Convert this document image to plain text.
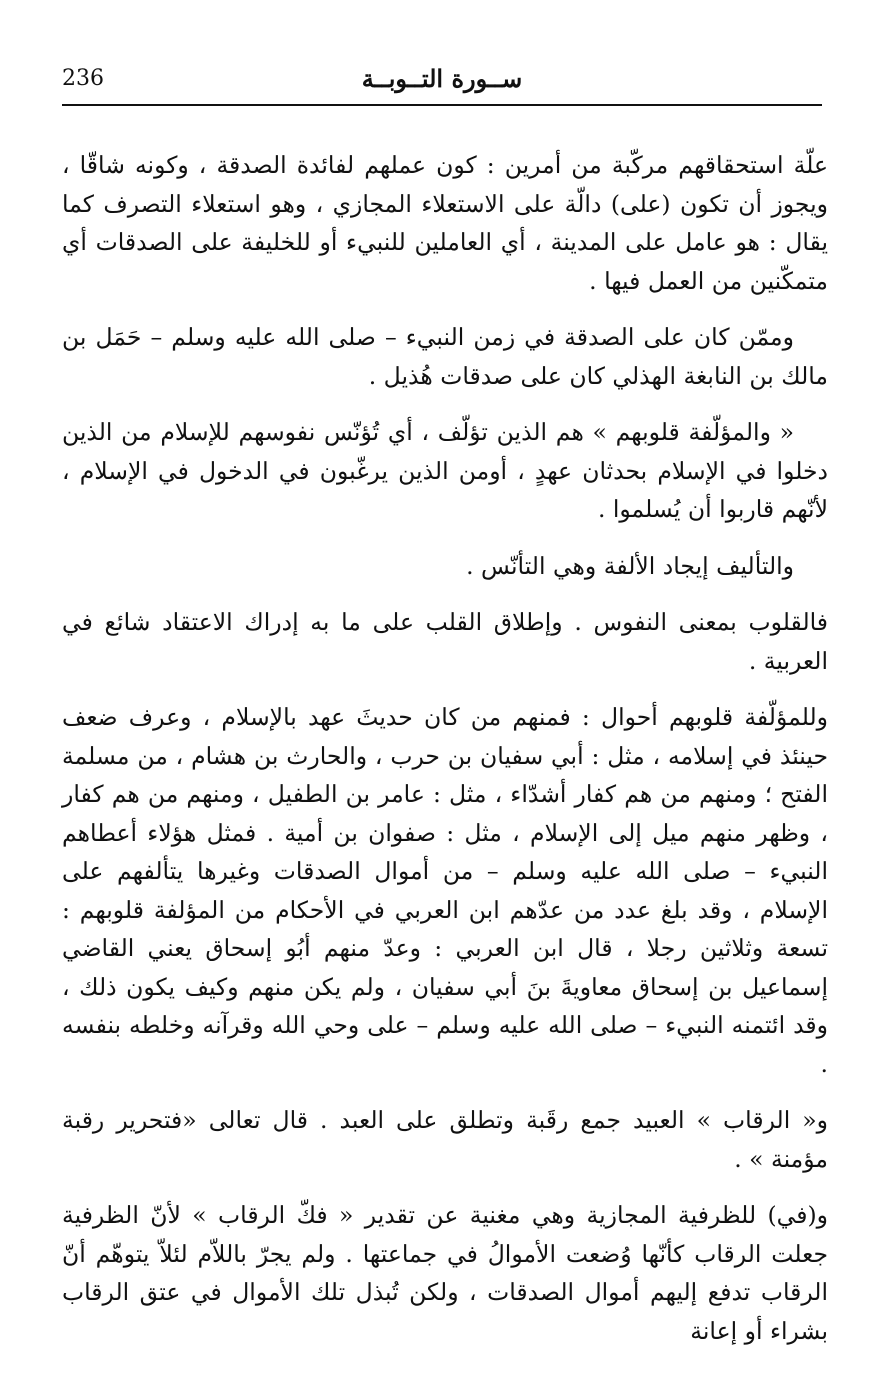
236	ســورة التــوبــة

علّة استحقاقهم مركّبة من أمرين : كون عملهم لفائدة الصدقة ، وكونه شاقّا ، ويجوز أن تكون (على) دالّة على الاستعلاء المجازي ، وهو استعلاء التصرف كما يقال : هو عامل على المدينة ، أي العاملين للنبيء أو للخليفة على الصدقات أي متمكّنين من العمل فيها .

وممّن كان على الصدقة في زمن النبيء – صلى الله عليه وسلم – حَمَل بن مالك بن النابغة الهذلي كان على صدقات هُذيل .

« والمؤلّفة قلوبهم » هم الذين تؤلّف ، أي تُؤنّس نفوسهم للإسلام من الذين دخلوا في الإسلام بحدثان عهدٍ ، أومن الذين يرغّبون في الدخول في الإسلام ، لأنّهم قاربوا أن يُسلموا .

والتأليف إيجاد الألفة وهي التأنّس .

فالقلوب بمعنى النفوس . وإطلاق القلب على ما به إدراك الاعتقاد شائع في العربية .

وللمؤلّفة قلوبهم أحوال : فمنهم من كان حديثَ عهد بالإسلام ، وعرف ضعف حينئذ في إسلامه ، مثل : أبي سفيان بن حرب ، والحارث بن هشام ، من مسلمة الفتح ؛ ومنهم من هم كفار أشدّاء ، مثل : عامر بن الطفيل ، ومنهم من هم كفار ، وظهر منهم ميل إلى الإسلام ، مثل : صفوان بن أمية . فمثل هؤلاء أعطاهم النبيء – صلى الله عليه وسلم – من أموال الصدقات وغيرها يتألفهم على الإسلام ، وقد بلغ عدد من عدّهم ابن العربي في الأحكام من المؤلفة قلوبهم : تسعة وثلاثين رجلا ، قال ابن العربي : وعدّ منهم أبُو إسحاق يعني القاضي إسماعيل بن إسحاق معاويةَ بنَ أبي سفيان ، ولم يكن منهم وكيف يكون ذلك ، وقد ائتمنه النبيء – صلى الله عليه وسلم – على وحي الله وقرآنه وخلطه بنفسه .

و« الرقاب » العبيد جمع رقَبة وتطلق على العبد . قال تعالى «فتحرير رقبة مؤمنة » .

و(في) للظرفية المجازية وهي مغنية عن تقدير « فكّ الرقاب » لأنّ الظرفية جعلت الرقاب كأنّها وُضعت الأموالُ في جماعتها . ولم يجرّ باللاّم لئلاّ يتوهّم أنّ الرقاب تدفع إليهم أموال الصدقات ، ولكن تُبذل تلك الأموال في عتق الرقاب بشراء أو إعانة
